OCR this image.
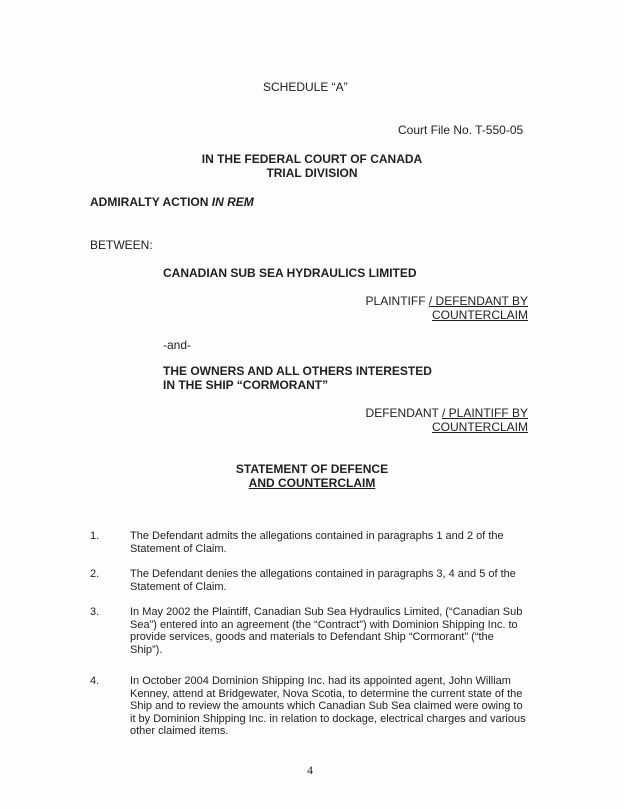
SCHEDULE “A”
Court File No. T-550-05
IN THE FEDERAL COURT OF CANADA
TRIAL DIVISION
ADMIRALTY ACTION IN REM
BETWEEN:
CANADIAN SUB SEA HYDRAULICS LIMITED
PLAINTIFF / DEFENDANT BY
COUNTERCLAIM
-and-
THE OWNERS AND ALL OTHERS INTERESTED
IN THE SHIP “CORMORANT”
DEFENDANT / PLAINTIFF BY
COUNTERCLAIM
STATEMENT OF DEFENCE
AND COUNTERCLAIM
1.	The Defendant admits the allegations contained in paragraphs 1 and 2 of the
Statement of Claim.
2.	The Defendant denies the allegations contained in paragraphs 3, 4 and 5 of the
Statement of Claim.
3.	In May 2002 the Plaintiff, Canadian Sub Sea Hydraulics Limited, (“Canadian Sub
Sea”) entered into an agreement (the “Contract”) with Dominion Shipping Inc. to
provide services, goods and materials to Defendant Ship “Cormorant” (“the
Ship”).
4.	In October 2004 Dominion Shipping Inc. had its appointed agent, John William
Kenney, attend at Bridgewater, Nova Scotia, to determine the current state of the
Ship and to review the amounts which Canadian Sub Sea claimed were owing to
it by Dominion Shipping Inc. in relation to dockage, electrical charges and various
other claimed items.
4
